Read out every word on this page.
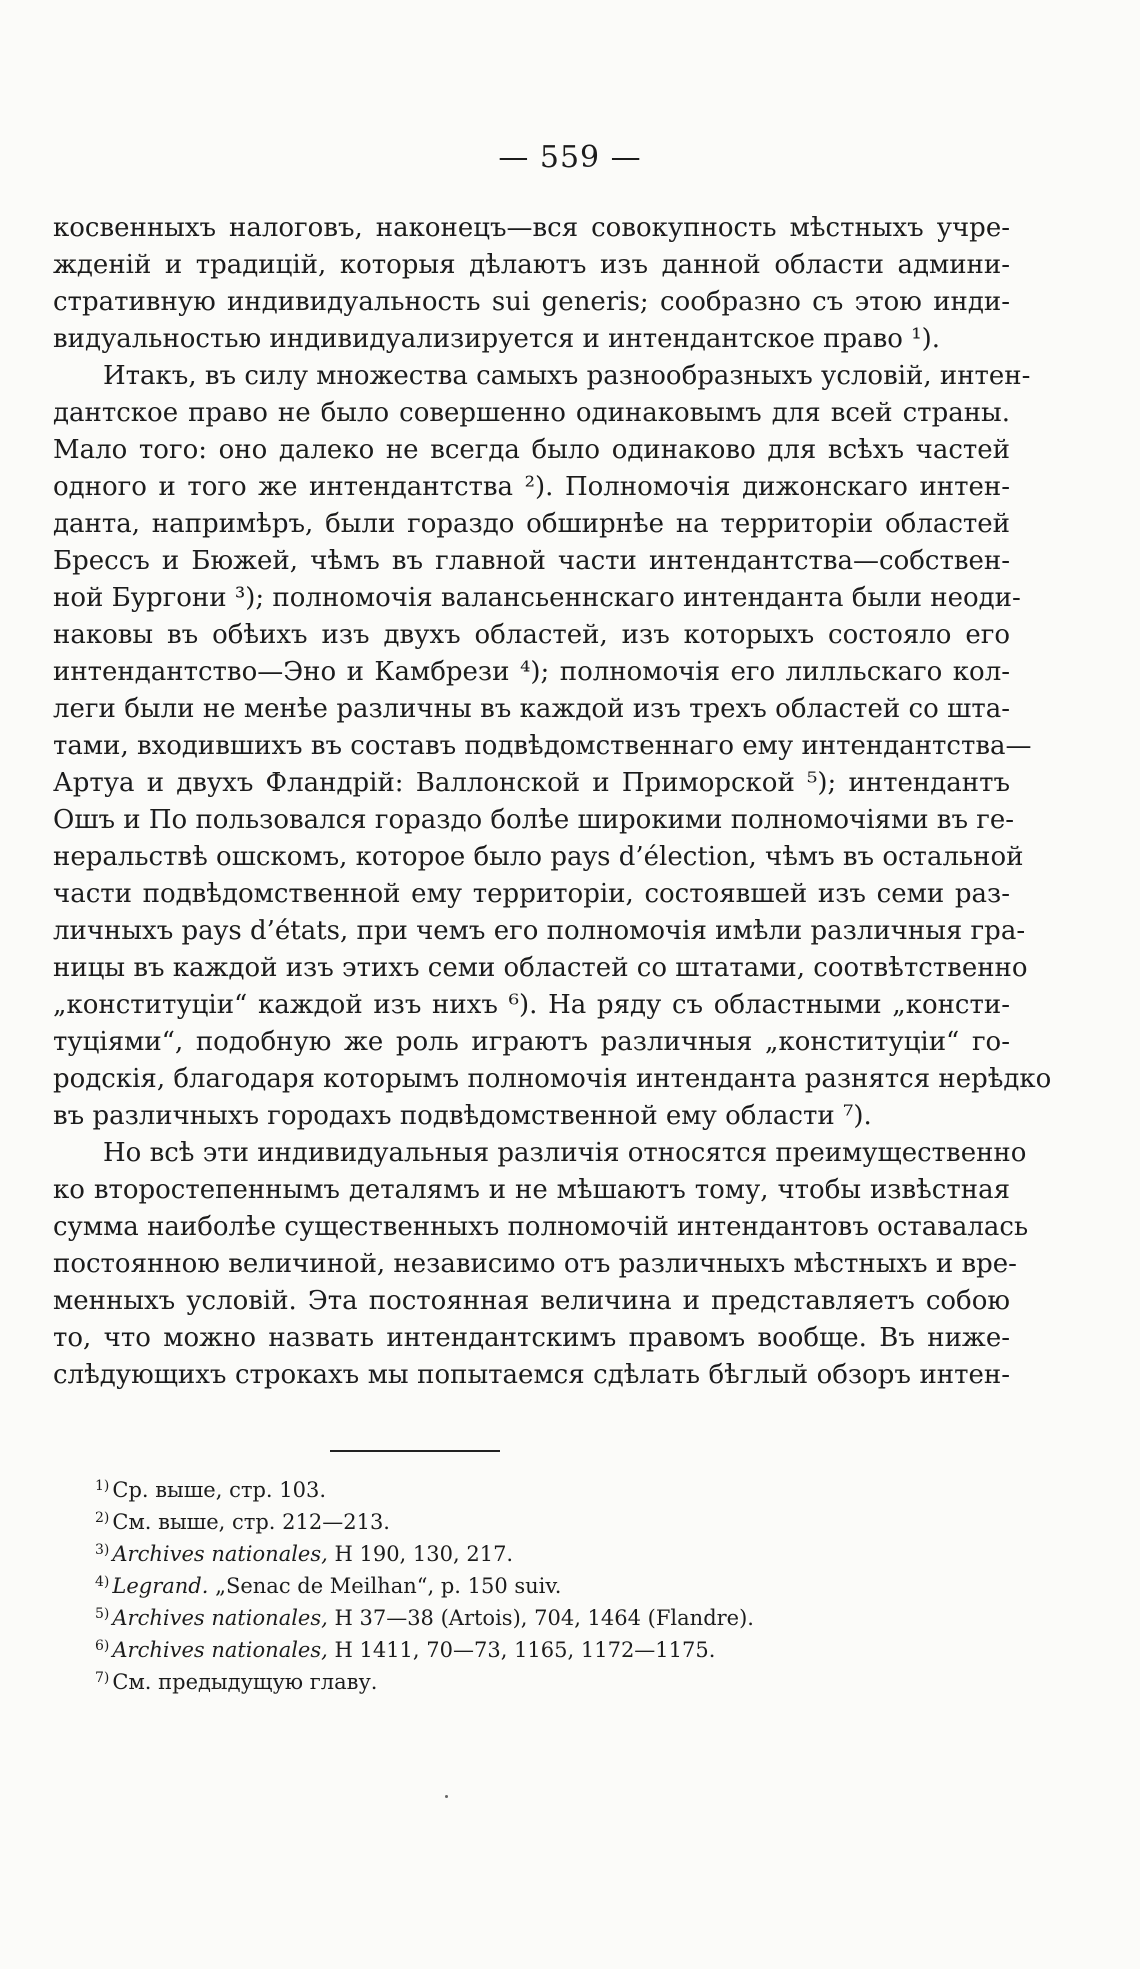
— 559 —
косвенныхъ налоговъ, наконецъ—вся совокупность мѣстныхъ учре-
жденій и традицій, которыя дѣлаютъ изъ данной области админи-
стративную индивидуальность sui generis; сообразно съ этою инди-
видуальностью индивидуализируется и интендантское право ¹).
Итакъ, въ силу множества самыхъ разнообразныхъ условій, интен-
дантское право не было совершенно одинаковымъ для всей страны.
Мало того: оно далеко не всегда было одинаково для всѣхъ частей
одного и того же интендантства ²). Полномочія дижонскаго интен-
данта, напримѣръ, были гораздо обширнѣе на территоріи областей
Брессъ и Бюжей, чѣмъ въ главной части интендантства—собствен-
ной Бургони ³); полномочія валансьеннскаго интенданта были неоди-
наковы въ обѣихъ изъ двухъ областей, изъ которыхъ состояло его
интендантство—Эно и Камбрези ⁴); полномочія его лилльскаго кол-
леги были не менѣе различны въ каждой изъ трехъ областей со шта-
тами, входившихъ въ составъ подвѣдомственнаго ему интендантства—
Артуа и двухъ Фландрій: Валлонской и Приморской ⁵); интендантъ
Ошъ и По пользовался гораздо болѣе широкими полномочіями въ ге-
неральствѣ ошскомъ, которое было pays d’élection, чѣмъ въ остальной
части подвѣдомственной ему территоріи, состоявшей изъ семи раз-
личныхъ pays d’états, при чемъ его полномочія имѣли различныя гра-
ницы въ каждой изъ этихъ семи областей со штатами, соотвѣтственно
„конституціи“ каждой изъ нихъ ⁶). На ряду съ областными „консти-
туціями“, подобную же роль играютъ различныя „конституціи“ го-
родскія, благодаря которымъ полномочія интенданта разнятся нерѣдко
въ различныхъ городахъ подвѣдомственной ему области ⁷).
Но всѣ эти индивидуальныя различія относятся преимущественно
ко второстепеннымъ деталямъ и не мѣшаютъ тому, чтобы извѣстная
сумма наиболѣе существенныхъ полномочій интендантовъ оставалась
постоянною величиной, независимо отъ различныхъ мѣстныхъ и вре-
менныхъ условій. Эта постоянная величина и представляетъ собою
то, что можно назвать интендантскимъ правомъ вообще. Въ ниже-
слѣдующихъ строкахъ мы попытаемся сдѣлать бѣглый обзоръ интен-
$^{1)}$ Ср. выше, стр. 103.
$^{2)}$ См. выше, стр. 212—213.
$^{3)}$ Archives nationales, H 190, 130, 217.
$^{4)}$ Legrand. „Senac de Meilhan“, p. 150 suiv.
$^{5)}$ Archives nationales, H 37—38 (Artois), 704, 1464 (Flandre).
$^{6)}$ Archives nationales, H 1411, 70—73, 1165, 1172—1175.
$^{7)}$ См. предыдущую главу.
